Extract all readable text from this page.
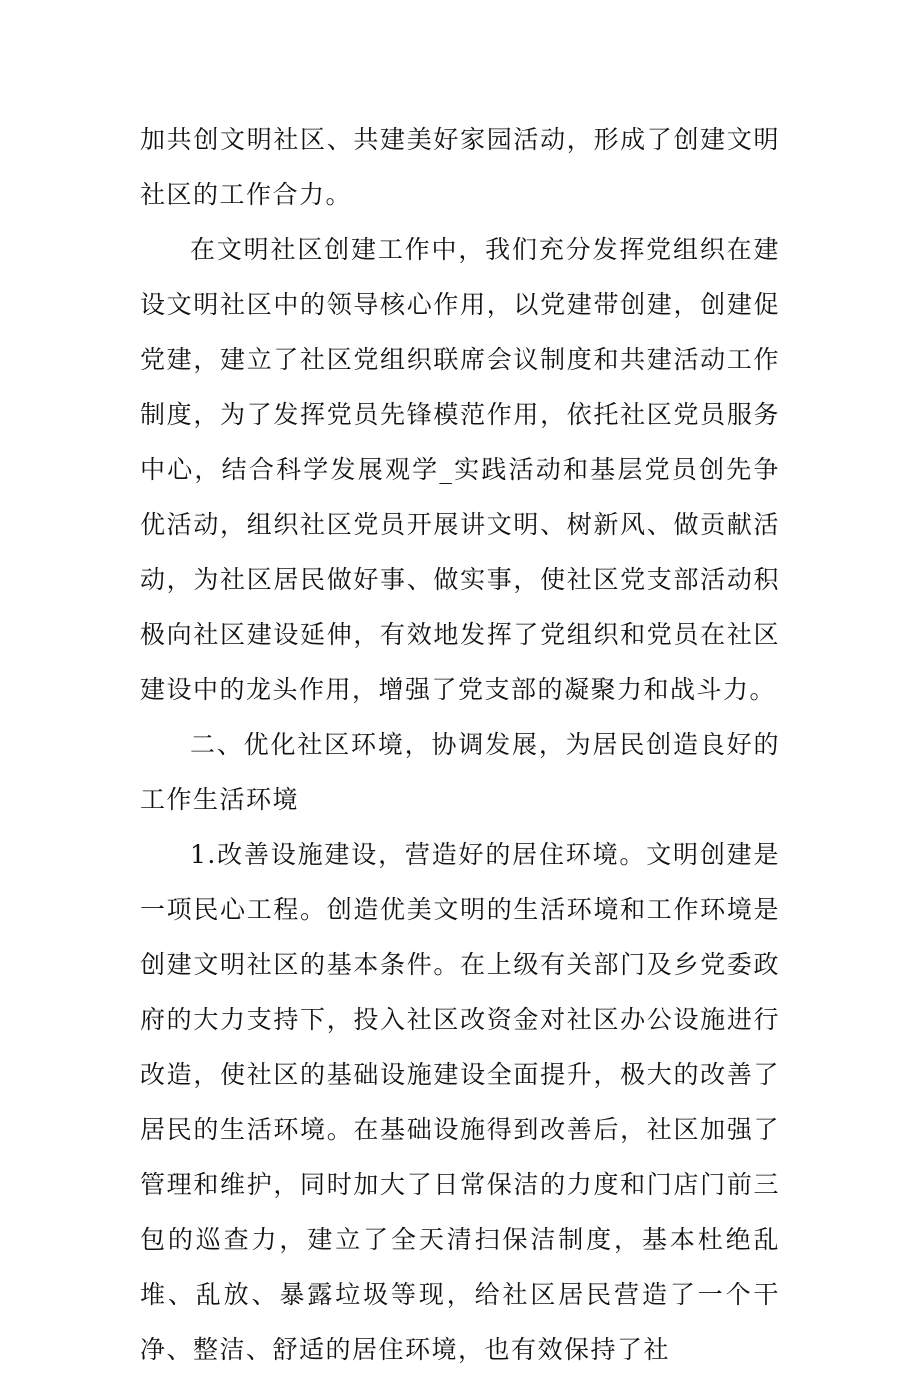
加共创文明社区、共建美好家园活动，形成了创建文明社区的工作合力。

在文明社区创建工作中，我们充分发挥党组织在建设文明社区中的领导核心作用，以党建带创建，创建促党建，建立了社区党组织联席会议制度和共建活动工作制度，为了发挥党员先锋模范作用，依托社区党员服务中心，结合科学发展观学_实践活动和基层党员创先争优活动，组织社区党员开展讲文明、树新风、做贡献活动，为社区居民做好事、做实事，使社区党支部活动积极向社区建设延伸，有效地发挥了党组织和党员在社区建设中的龙头作用，增强了党支部的凝聚力和战斗力。

二、优化社区环境，协调发展，为居民创造良好的工作生活环境

1.改善设施建设，营造好的居住环境。文明创建是一项民心工程。创造优美文明的生活环境和工作环境是创建文明社区的基本条件。在上级有关部门及乡党委政府的大力支持下，投入社区改资金对社区办公设施进行改造，使社区的基础设施建设全面提升，极大的改善了居民的生活环境。在基础设施得到改善后，社区加强了管理和维护，同时加大了日常保洁的力度和门店门前三包的巡查力，建立了全天清扫保洁制度，基本杜绝乱堆、乱放、暴露垃圾等现，给社区居民营造了一个干净、整洁、舒适的居住环境，也有效保持了社
